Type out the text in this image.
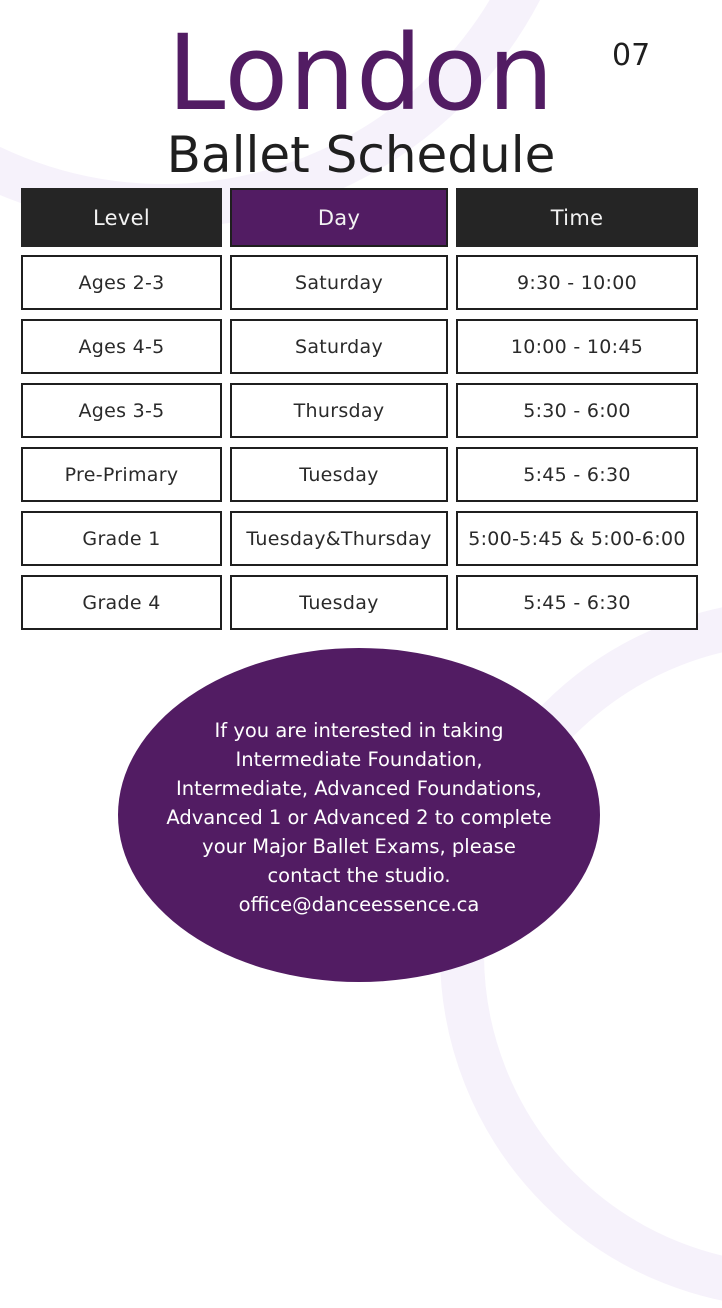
London	07
Ballet Schedule
Level	Day	Time
Ages 2-3	Saturday	9:30 - 10:00
Ages 4-5	Saturday	10:00 - 10:45
Ages 3-5	Thursday	5:30 - 6:00
Pre-Primary	Tuesday	5:45 - 6:30
Grade 1	Tuesday&Thursday	5:00-5:45 & 5:00-6:00
Grade 4	Tuesday	5:45 - 6:30
If you are interested in taking
Intermediate Foundation,
Intermediate, Advanced Foundations,
Advanced 1 or Advanced 2 to complete
your Major Ballet Exams, please
contact the studio.
office@danceessence.ca
